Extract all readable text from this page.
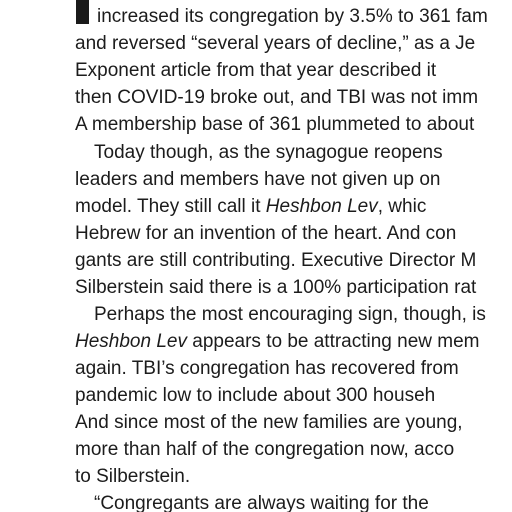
increased its congregation by 3.5% to 361 fam
and reversed “several years of decline,” as a Je
Exponent article from that year described it
then COVID-19 broke out, and TBI was not imm
A membership base of 361 plummeted to about
Today though, as the synagogue reopens
leaders and members have not given up on
model. They still call it Heshbon Lev, whic
Hebrew for an invention of the heart. And con
gants are still contributing. Executive Director M
Silberstein said there is a 100% participation rat
Perhaps the most encouraging sign, though, is
Heshbon Lev appears to be attracting new mem
again. TBI’s congregation has recovered from
pandemic low to include about 300 househ
And since most of the new families are young,
more than half of the congregation now, acco
to Silberstein.
“Congregants are always waiting for the
